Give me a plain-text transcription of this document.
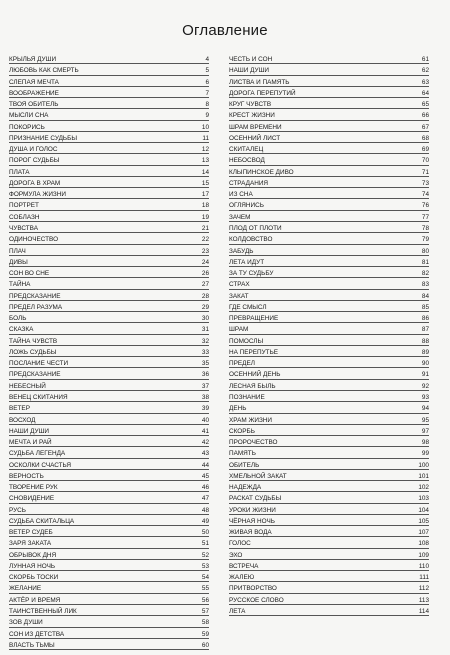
Оглавление
КРЫЛЬЯ ДУШИ	4
ЛЮБОВЬ КАК СМЕРТЬ	5
СЛЕПАЯ МЕЧТА	6
ВООБРАЖЕНИЕ	7
ТВОЯ ОБИТЕЛЬ	8
МЫСЛИ СНА	9
ПОКОРИСЬ	10
ПРИЗНАНИЕ СУДЬБЫ	11
ДУША И ГОЛОС	12
ПОРОГ СУДЬБЫ	13
ПЛАТА	14
ДОРОГА В ХРАМ	15
ФОРМУЛА ЖИЗНИ	17
ПОРТРЕТ	18
СОБЛАЗН	19
ЧУВСТВА	21
ОДИНОЧЕСТВО	22
ПЛАЧ	23
ДИВЫ	24
СОН ВО СНЕ	26
ТАЙНА	27
ПРЕДСКАЗАНИЕ	28
ПРЕДЕЛ РАЗУМА	29
БОЛЬ	30
СКАЗКА	31
ТАЙНА ЧУВСТВ	32
ЛОЖЬ СУДЬБЫ	33
ПОСЛАНИЕ ЧЕСТИ	35
ПРЕДСКАЗАНИЕ	36
НЕБЕСНЫЙ	37
ВЕНЕЦ СКИТАНИЯ	38
ВЕТЕР	39
ВОСХОД	40
НАШИ ДУШИ	41
МЕЧТА И РАЙ	42
СУДЬБА ЛЕГЕНДА	43
ОСКОЛКИ СЧАСТЬЯ	44
ВЕРНОСТЬ	45
ТВОРЕНИЕ РУК	46
СНОВИДЕНИЕ	47
РУСЬ	48
СУДЬБА СКИТАЛЬЦА	49
ВЕТЕР СУДЕБ	50
ЗАРЯ ЗАКАТА	51
ОБРЫВОК ДНЯ	52
ЛУННАЯ НОЧЬ	53
СКОРБЬ ТОСКИ	54
ЖЕЛАНИЕ	55
АКТЁР И ВРЕМЯ	56
ТАИНСТВЕННЫЙ ЛИК	57
ЗОВ ДУШИ	58
СОН ИЗ ДЕТСТВА	59
ВЛАСТЬ ТЬМЫ	60
ЧЕСТЬ И СОН	61
НАШИ ДУШИ	62
ЛИСТВА И ПАМЯТЬ	63
ДОРОГА ПЕРЕПУТИЙ	64
КРУГ ЧУВСТВ	65
КРЕСТ ЖИЗНИ	66
ШРАМ ВРЕМЕНИ	67
ОСЕННИЙ ЛИСТ	68
СКИТАЛЕЦ	69
НЕБОСВОД	70
КЛЫПИНСКОЕ ДИВО	71
СТРАДАНИЯ	73
ИЗ СНА	74
ОГЛЯНИСЬ	76
ЗАЧЕМ	77
ПЛОД ОТ ПЛОТИ	78
КОЛДОВСТВО	79
ЗАБУДЬ	80
ЛЕТА ИДУТ	81
ЗА ТУ СУДЬБУ	82
СТРАХ	83
ЗАКАТ	84
ГДЕ СМЫСЛ	85
ПРЕВРАЩЕНИЕ	86
ШРАМ	87
ПОМОСЛЫ	88
НА ПЕРЕПУТЬЕ	89
ПРЕДЕЛ	90
ОСЕННИЙ ДЕНЬ	91
ЛЕСНАЯ БЫЛЬ	92
ПОЗНАНИЕ	93
ДЕНЬ	94
ХРАМ ЖИЗНИ	95
СКОРБЬ	97
ПРОРОЧЕСТВО	98
ПАМЯТЬ	99
ОБИТЕЛЬ	100
ХМЕЛЬНОЙ ЗАКАТ	101
НАДЕЖДА	102
РАСКАТ СУДЬБЫ	103
УРОКИ ЖИЗНИ	104
ЧЁРНАЯ НОЧЬ	105
ЖИВАЯ ВОДА	107
ГОЛОС	108
ЭХО	109
ВСТРЕЧА	110
ЖАЛЕЮ	111
ПРИТВОРСТВО	112
РУССКОЕ СЛОВО	113
ЛЕТА	114
